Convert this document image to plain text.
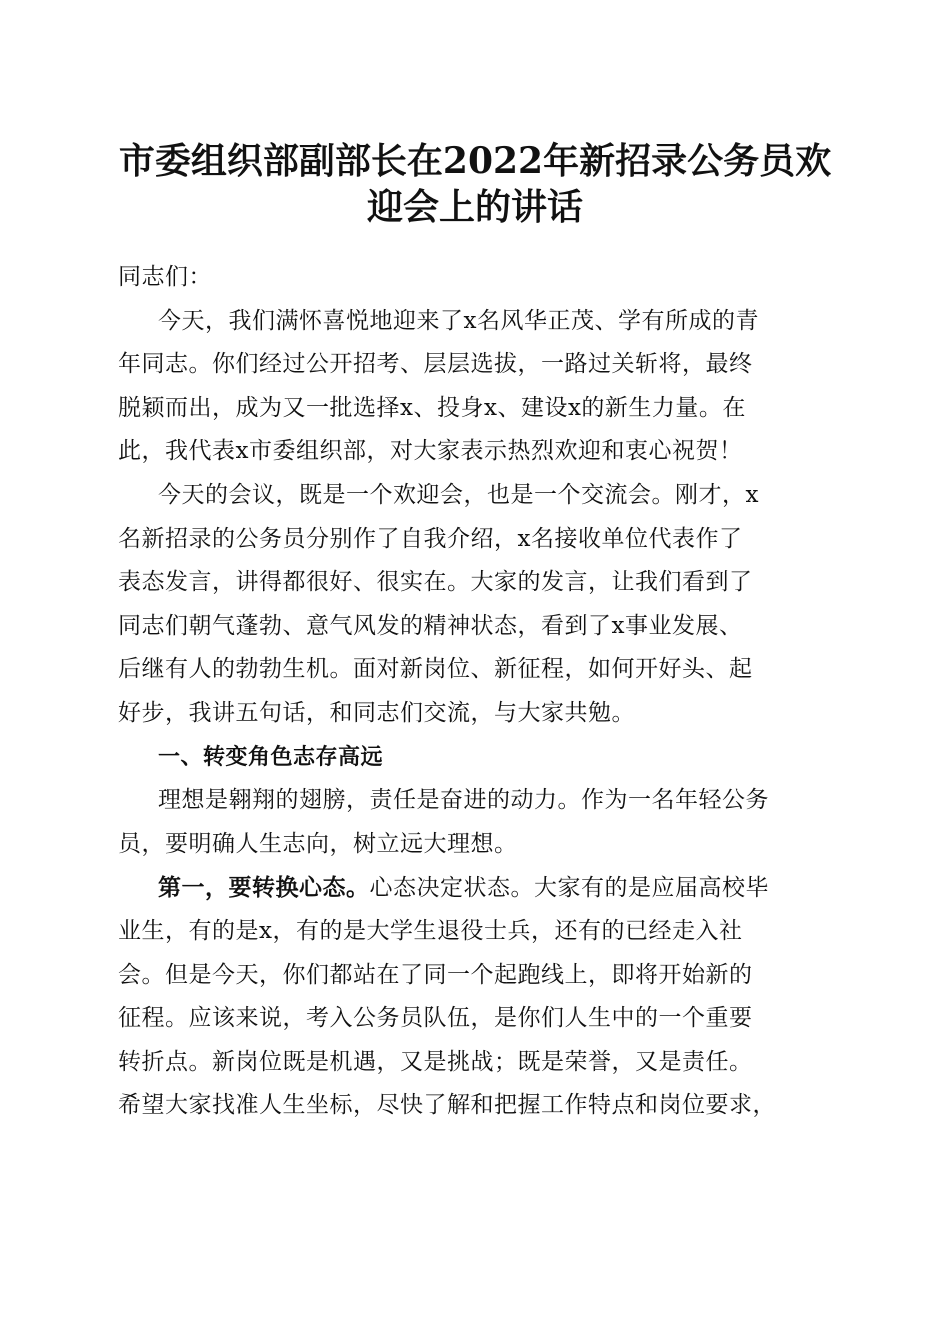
市委组织部副部长在2022年新招录公务员欢
迎会上的讲话
同志们：
今天，我们满怀喜悦地迎来了x名风华正茂、学有所成的青
年同志。你们经过公开招考、层层选拔，一路过关斩将，最终
脱颖而出，成为又一批选择x、投身x、建设x的新生力量。在
此，我代表x市委组织部，对大家表示热烈欢迎和衷心祝贺！
今天的会议，既是一个欢迎会，也是一个交流会。刚才，x
名新招录的公务员分别作了自我介绍，x名接收单位代表作了
表态发言，讲得都很好、很实在。大家的发言，让我们看到了
同志们朝气蓬勃、意气风发的精神状态，看到了x事业发展、
后继有人的勃勃生机。面对新岗位、新征程，如何开好头、起
好步，我讲五句话，和同志们交流，与大家共勉。
一、转变角色志存高远
理想是翱翔的翅膀，责任是奋进的动力。作为一名年轻公务
员，要明确人生志向，树立远大理想。
第一，要转换心态。心态决定状态。大家有的是应届高校毕
业生，有的是x，有的是大学生退役士兵，还有的已经走入社
会。但是今天，你们都站在了同一个起跑线上，即将开始新的
征程。应该来说，考入公务员队伍，是你们人生中的一个重要
转折点。新岗位既是机遇，又是挑战；既是荣誉，又是责任。
希望大家找准人生坐标，尽快了解和把握工作特点和岗位要求，
